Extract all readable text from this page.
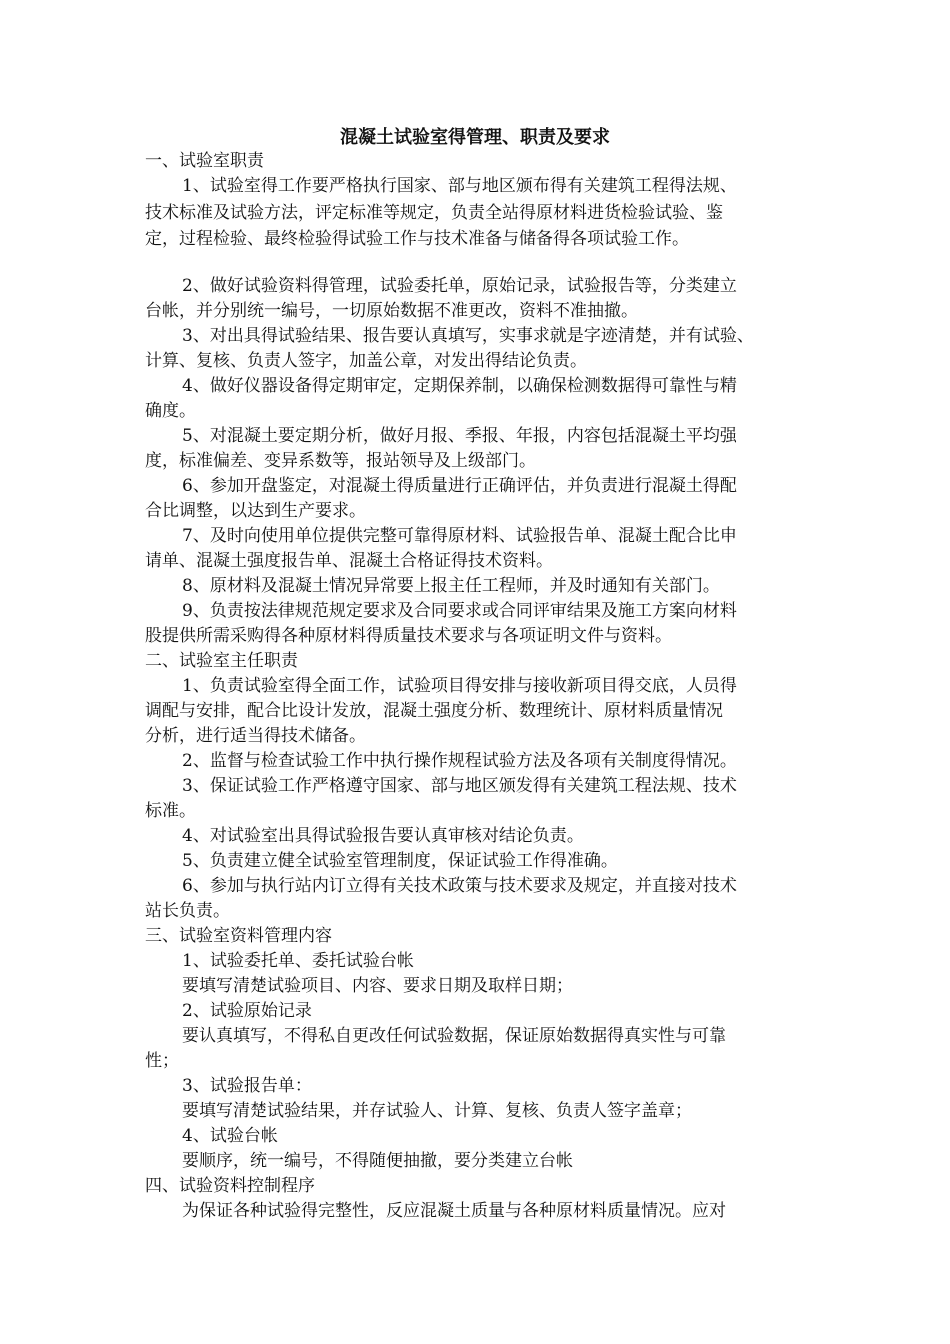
混凝土试验室得管理、职责及要求
一、试验室职责
1、试验室得工作要严格执行国家、部与地区颁布得有关建筑工程得法规、
技术标准及试验方法，评定标准等规定，负责全站得原材料进货检验试验、鉴
定，过程检验、最终检验得试验工作与技术准备与储备得各项试验工作。
2、做好试验资料得管理，试验委托单，原始记录，试验报告等，分类建立
台帐，并分别统一编号，一切原始数据不准更改，资料不准抽撤。
3、对出具得试验结果、报告要认真填写，实事求就是字迹清楚，并有试验、
计算、复核、负责人签字，加盖公章，对发出得结论负责。
4、做好仪器设备得定期审定，定期保养制，以确保检测数据得可靠性与精
确度。
5、对混凝土要定期分析，做好月报、季报、年报，内容包括混凝土平均强
度，标准偏差、变异系数等，报站领导及上级部门。
6、参加开盘鉴定，对混凝土得质量进行正确评估，并负责进行混凝土得配
合比调整，以达到生产要求。
7、及时向使用单位提供完整可靠得原材料、试验报告单、混凝土配合比申
请单、混凝土强度报告单、混凝土合格证得技术资料。
8、原材料及混凝土情况异常要上报主任工程师，并及时通知有关部门。
9、负责按法律规范规定要求及合同要求或合同评审结果及施工方案向材料
股提供所需采购得各种原材料得质量技术要求与各项证明文件与资料。
二、试验室主任职责
1、负责试验室得全面工作，试验项目得安排与接收新项目得交底，人员得
调配与安排，配合比设计发放，混凝土强度分析、数理统计、原材料质量情况
分析，进行适当得技术储备。
2、监督与检查试验工作中执行操作规程试验方法及各项有关制度得情况。
3、保证试验工作严格遵守国家、部与地区颁发得有关建筑工程法规、技术
标准。
4、对试验室出具得试验报告要认真审核对结论负责。
5、负责建立健全试验室管理制度，保证试验工作得准确。
6、参加与执行站内订立得有关技术政策与技术要求及规定，并直接对技术
站长负责。
三、试验室资料管理内容
1、试验委托单、委托试验台帐
要填写清楚试验项目、内容、要求日期及取样日期；
2、试验原始记录
要认真填写，不得私自更改任何试验数据，保证原始数据得真实性与可靠
性；
3、试验报告单：
要填写清楚试验结果，并存试验人、计算、复核、负责人签字盖章；
4、试验台帐
要顺序，统一编号，不得随便抽撤，要分类建立台帐
四、试验资料控制程序
为保证各种试验得完整性，反应混凝土质量与各种原材料质量情况。应对
